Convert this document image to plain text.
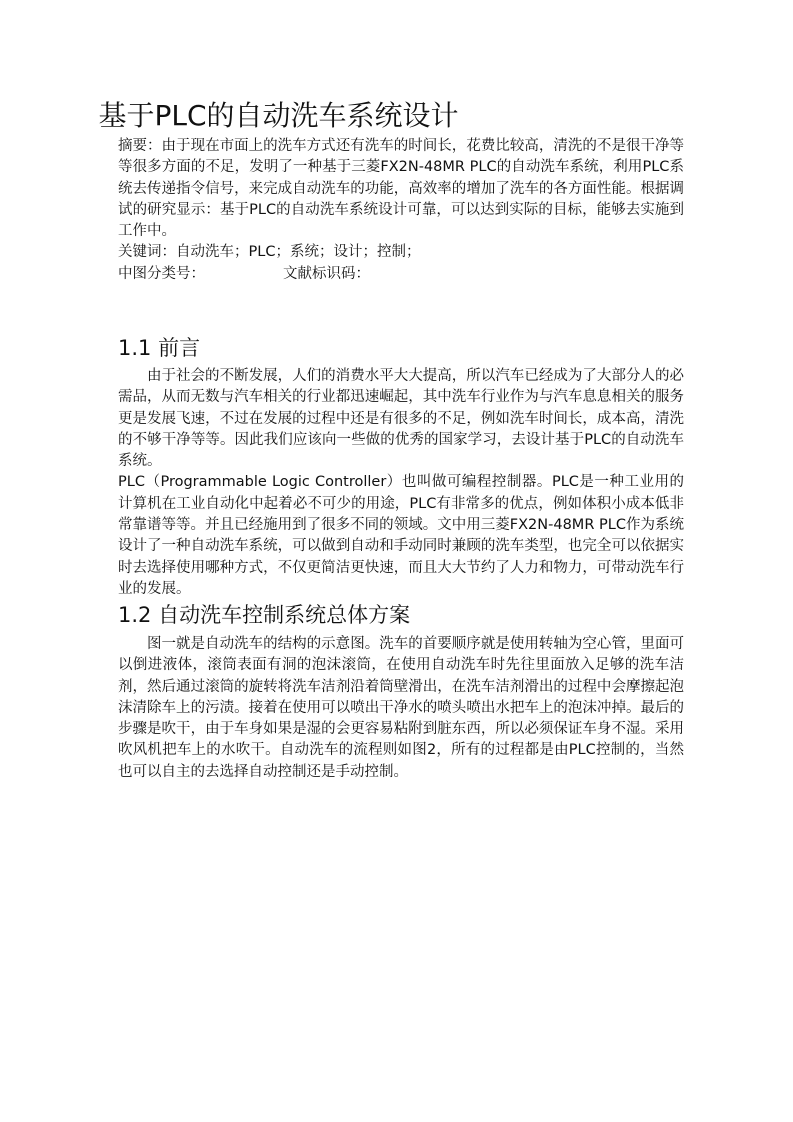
基于PLC的自动洗车系统设计

摘要：由于现在市面上的洗车方式还有洗车的时间长，花费比较高，清洗的不是很干净等等很多方面的不足，发明了一种基于三菱FX2N-48MR PLC的自动洗车系统，利用PLC系统去传递指令信号，来完成自动洗车的功能，高效率的增加了洗车的各方面性能。根据调试的研究显示：基于PLC的自动洗车系统设计可靠，可以达到实际的目标，能够去实施到工作中。

关键词：自动洗车；PLC；系统；设计；控制；

中图分类号：	文献标识码：

1.1 前言

由于社会的不断发展，人们的消费水平大大提高，所以汽车已经成为了大部分人的必需品，从而无数与汽车相关的行业都迅速崛起，其中洗车行业作为与汽车息息相关的服务更是发展飞速，不过在发展的过程中还是有很多的不足，例如洗车时间长，成本高，清洗的不够干净等等。因此我们应该向一些做的优秀的国家学习，去设计基于PLC的自动洗车系统。

PLC（Programmable Logic Controller）也叫做可编程控制器。PLC是一种工业用的计算机在工业自动化中起着必不可少的用途，PLC有非常多的优点，例如体积小成本低非常靠谱等等。并且已经施用到了很多不同的领域。文中用三菱FX2N-48MR PLC作为系统设计了一种自动洗车系统，可以做到自动和手动同时兼顾的洗车类型，也完全可以依据实时去选择使用哪种方式，不仅更简洁更快速，而且大大节约了人力和物力，可带动洗车行业的发展。

1.2 自动洗车控制系统总体方案

图一就是自动洗车的结构的示意图。洗车的首要顺序就是使用转轴为空心管，里面可以倒进液体，滚筒表面有洞的泡沫滚筒，在使用自动洗车时先往里面放入足够的洗车洁剂，然后通过滚筒的旋转将洗车洁剂沿着筒壁滑出，在洗车洁剂滑出的过程中会摩擦起泡沫清除车上的污渍。接着在使用可以喷出干净水的喷头喷出水把车上的泡沫冲掉。最后的步骤是吹干，由于车身如果是湿的会更容易粘附到脏东西，所以必须保证车身不湿。采用吹风机把车上的水吹干。自动洗车的流程则如图2，所有的过程都是由PLC控制的，当然也可以自主的去选择自动控制还是手动控制。
